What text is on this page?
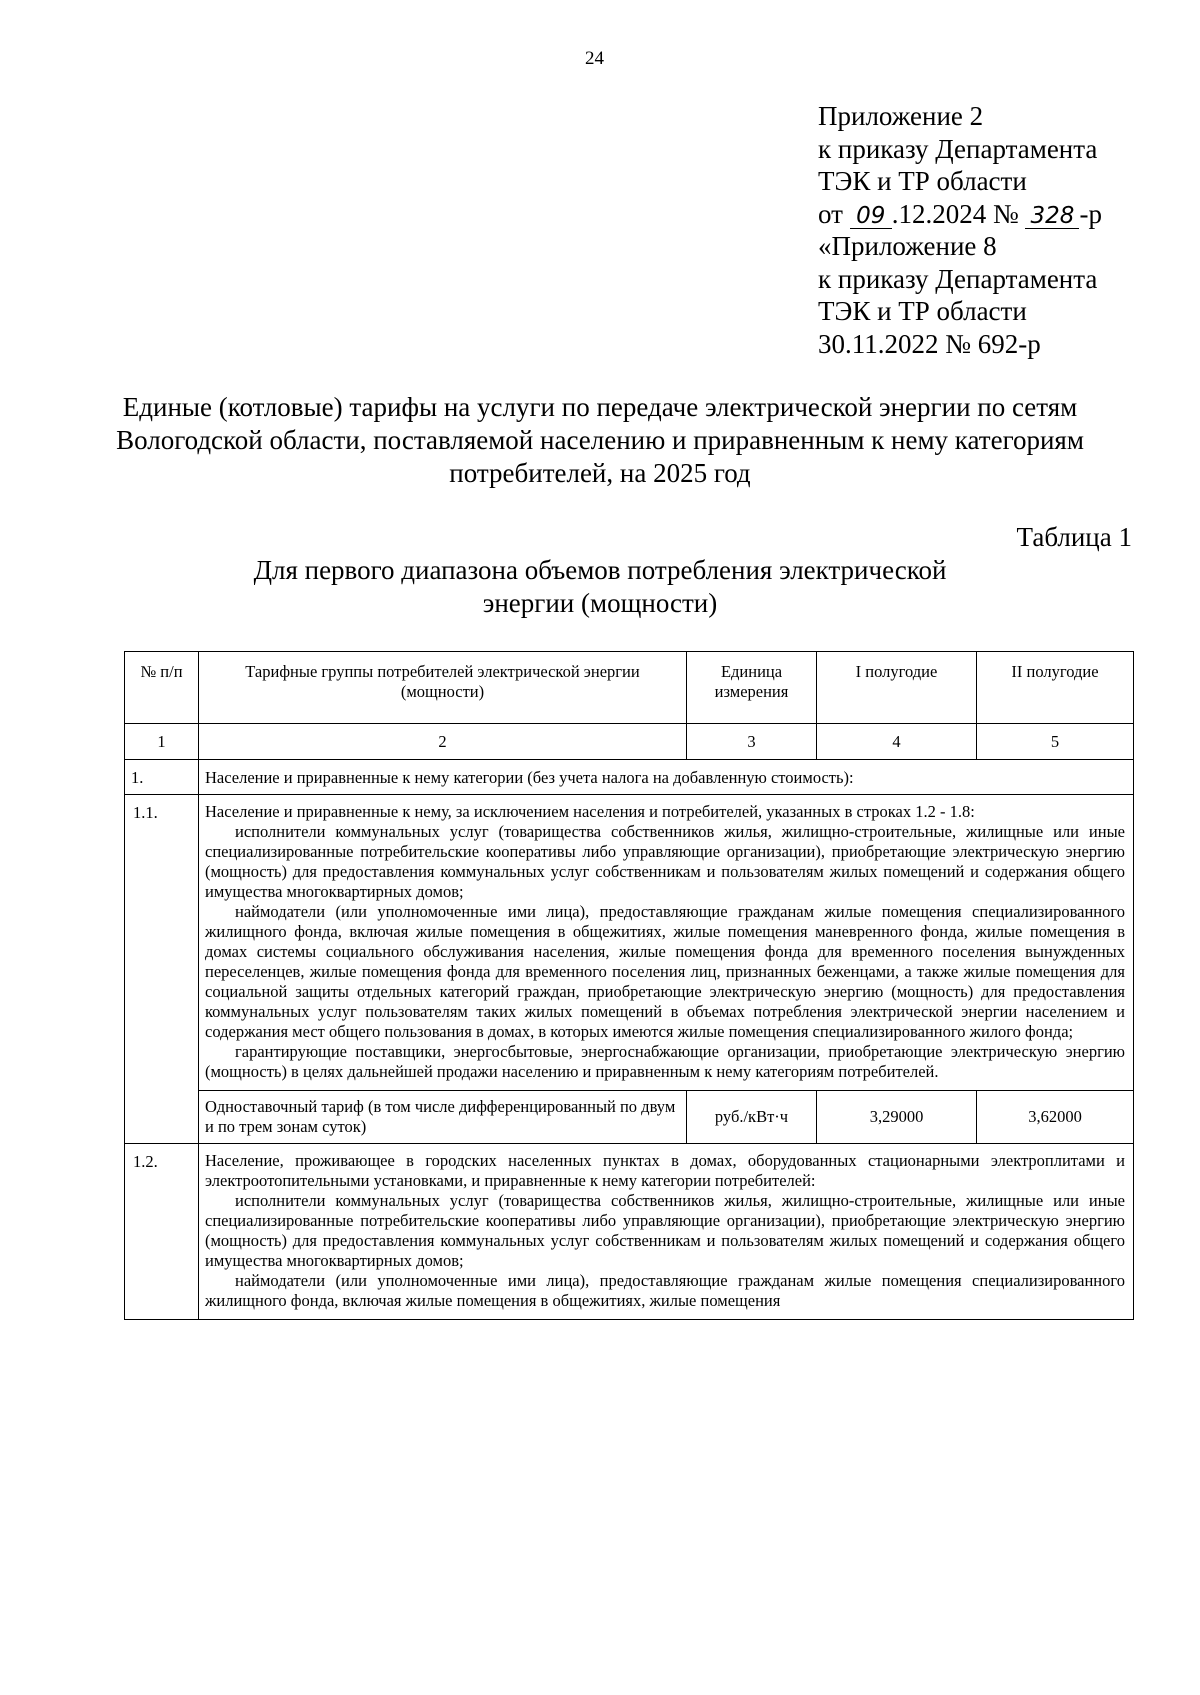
24
Приложение 2
к приказу Департамента
ТЭК и ТР области
от 09 .12.2024 № 328 -р
«Приложение 8
к приказу Департамента
ТЭК и ТР области
30.11.2022 № 692-р
Единые (котловые) тарифы на услуги по передаче электрической энергии по сетям Вологодской области, поставляемой населению и приравненным к нему категориям потребителей, на 2025 год
Таблица 1
Для первого диапазона объемов потребления электрической энергии (мощности)
№ п/п	Тарифные группы потребителей электрической энергии (мощности)	Единица измерения	I полугодие	II полугодие
1	2	3	4	5
1.	Население и приравненные к нему категории (без учета налога на добавленную стоимость):			
1.1.	Население и приравненные к нему, за исключением населения и потребителей, указанных в строках 1.2 - 1.8:

исполнители коммунальных услуг (товарищества собственников жилья, жилищно-строительные, жилищные или иные специализированные потребительские кооперативы либо управляющие организации), приобретающие электрическую энергию (мощность) для предоставления коммунальных услуг собственникам и пользователям жилых помещений и содержания общего имущества многоквартирных домов;

наймодатели (или уполномоченные ими лица), предоставляющие гражданам жилые помещения специализированного жилищного фонда, включая жилые помещения в общежитиях, жилые помещения маневренного фонда, жилые помещения в домах системы социального обслуживания населения, жилые помещения фонда для временного поселения вынужденных переселенцев, жилые помещения фонда для временного поселения лиц, признанных беженцами, а также жилые помещения для социальной защиты отдельных категорий граждан, приобретающие электрическую энергию (мощность) для предоставления коммунальных услуг пользователям таких жилых помещений в объемах потребления электрической энергии населением и содержания мест общего пользования в домах, в которых имеются жилые помещения специализированного жилого фонда;

гарантирующие поставщики, энергосбытовые, энергоснабжающие организации, приобретающие электрическую энергию (мощность) в целях дальнейшей продажи населению и приравненным к нему категориям потребителей.			

	Одноставочный тариф (в том числе дифференцированный по двум и по трем зонам суток)	руб./кВт·ч	3,29000	3,62000
1.2.	Население, проживающее в городских населенных пунктах в домах, оборудованных стационарными электроплитами и электроотопительными установками, и приравненные к нему категории потребителей:

исполнители коммунальных услуг (товарищества собственников жилья, жилищно-строительные, жилищные или иные специализированные потребительские кооперативы либо управляющие организации), приобретающие электрическую энергию (мощность) для предоставления коммунальных услуг собственникам и пользователям жилых помещений и содержания общего имущества многоквартирных домов;

наймодатели (или уполномоченные ими лица), предоставляющие гражданам жилые помещения специализированного жилищного фонда, включая жилые помещения в общежитиях, жилые помещения			
